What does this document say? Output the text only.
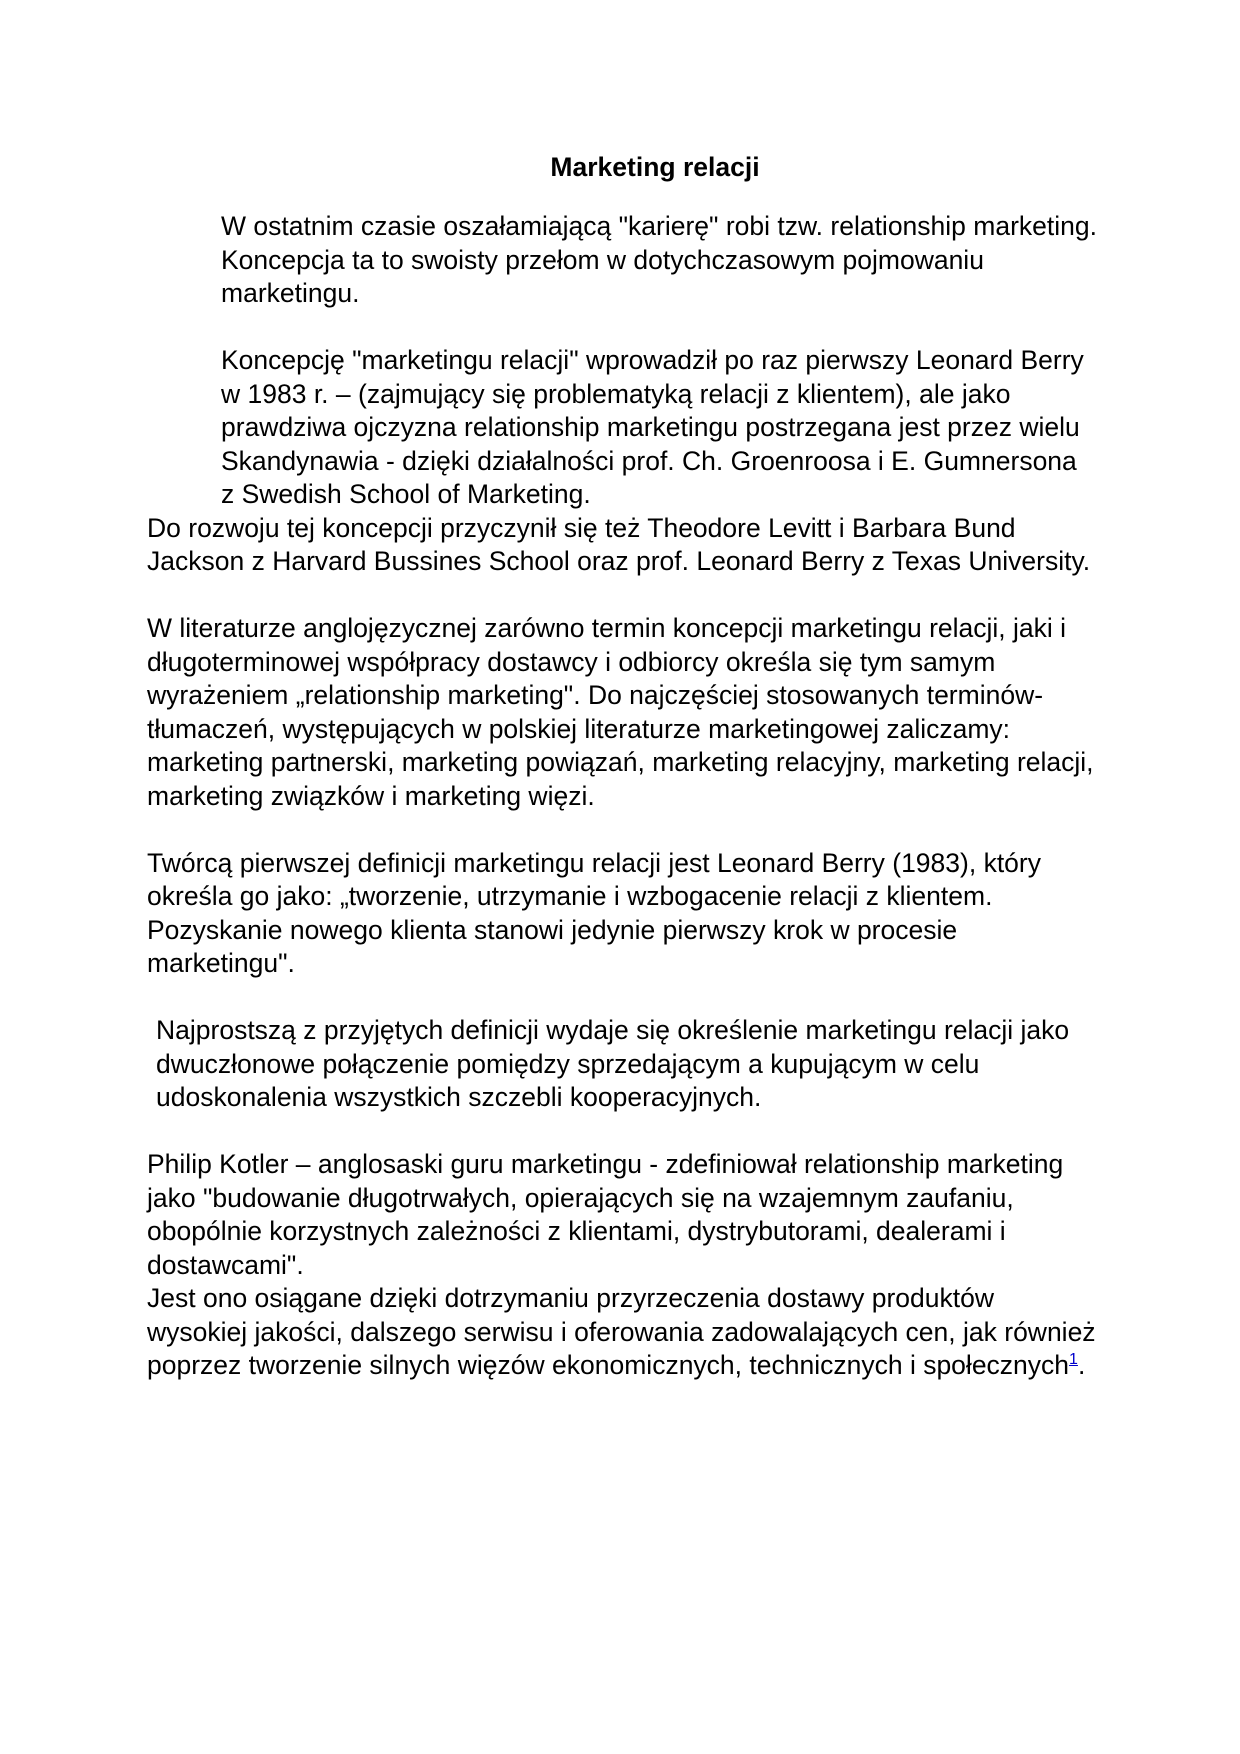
Marketing relacji

W ostatnim czasie oszałamiającą "karierę" robi tzw. relationship marketing. Koncepcja ta to swoisty przełom w dotychczasowym pojmowaniu marketingu.

Koncepcję "marketingu relacji" wprowadził po raz pierwszy Leonard Berry w 1983 r. – (zajmujący się problematyką relacji z klientem), ale jako prawdziwa ojczyzna relationship marketingu postrzegana jest przez wielu Skandynawia - dzięki działalności prof. Ch. Groenroosa i E. Gumnersona z Swedish School of Marketing.

Do rozwoju tej koncepcji przyczynił się też Theodore Levitt i Barbara Bund Jackson z Harvard Bussines School oraz prof. Leonard Berry z Texas University.

W literaturze anglojęzycznej zarówno termin koncepcji marketingu relacji, jaki i długoterminowej współpracy dostawcy i odbiorcy określa się tym samym wyrażeniem „relationship marketing". Do najczęściej stosowanych terminów-tłumaczeń, występujących w polskiej literaturze marketingowej zaliczamy: marketing partnerski, marketing powiązań, marketing relacyjny, marketing relacji, marketing związków i marketing więzi.

Twórcą pierwszej definicji marketingu relacji jest Leonard Berry (1983), który określa go jako: „tworzenie, utrzymanie i wzbogacenie relacji z klientem. Pozyskanie nowego klienta stanowi jedynie pierwszy krok w procesie marketingu".

Najprostszą z przyjętych definicji wydaje się określenie marketingu relacji jako dwuczłonowe połączenie pomiędzy sprzedającym a kupującym w celu udoskonalenia wszystkich szczebli kooperacyjnych.

Philip Kotler – anglosaski guru marketingu - zdefiniował relationship marketing jako "budowanie długotrwałych, opierających się na wzajemnym zaufaniu, obopólnie korzystnych zależności z klientami, dystrybutorami, dealerami i dostawcami".

Jest ono osiągane dzięki dotrzymaniu przyrzeczenia dostawy produktów wysokiej jakości, dalszego serwisu i oferowania zadowalających cen, jak również poprzez tworzenie silnych więzów ekonomicznych, technicznych i społecznych$^1$.
